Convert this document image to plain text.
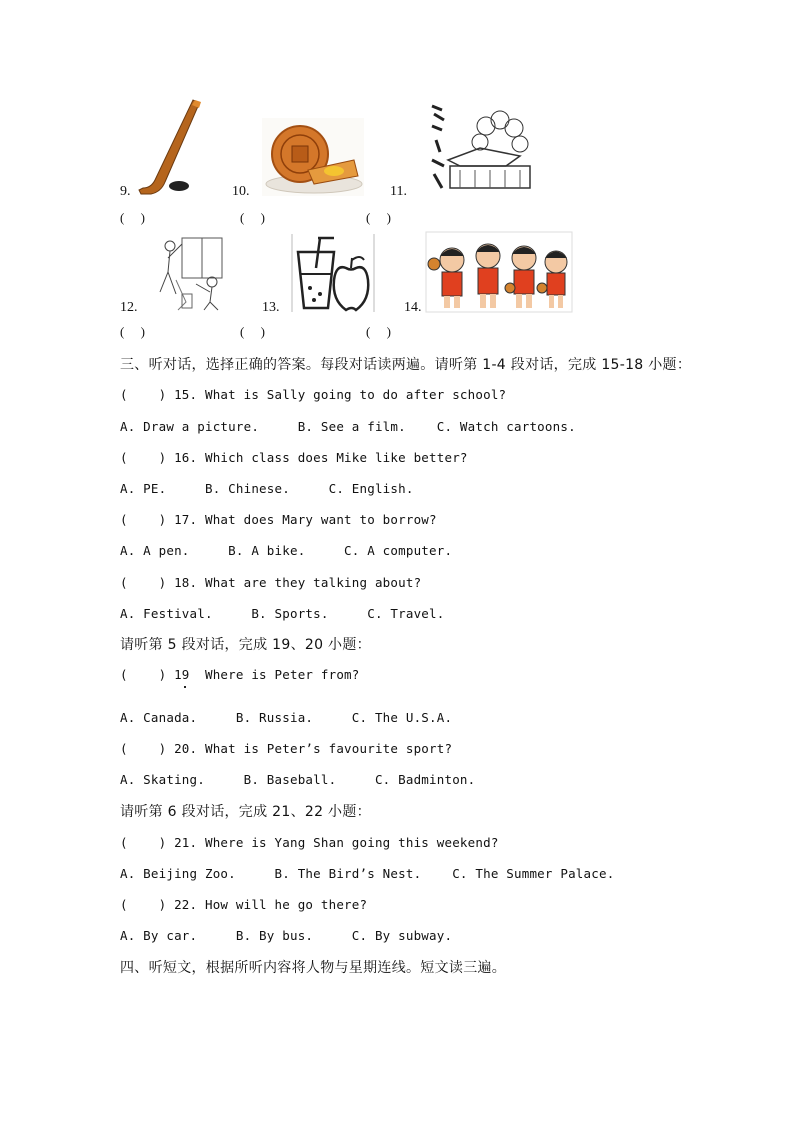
9.	10.	11.
(     )	(     )	(     )
12.	13.	14.
(     )	(     )	(     )
三、听对话，选择正确的答案。每段对话读两遍。请听第 1-4 段对话，完成 15-18 小题：
(    ) 15. What is Sally going to do after school?
A. Draw a picture.     B. See a film.    C. Watch cartoons.
(    ) 16. Which class does Mike like better?
A. PE.     B. Chinese.     C. English.
(    ) 17. What does Mary want to borrow?
A. A pen.     B. A bike.     C. A computer.
(    ) 18. What are they talking about?
A. Festival.     B. Sports.     C. Travel.
请听第 5 段对话，完成 19、20 小题：
(    ) 19  Where is Peter from?
A. Canada.     B. Russia.     C. The U.S.A.
(    ) 20. What is Peter’s favourite sport?
A. Skating.     B. Baseball.     C. Badminton.
请听第 6 段对话，完成 21、22 小题：
(    ) 21. Where is Yang Shan going this weekend?
A. Beijing Zoo.     B. The Bird’s Nest.    C. The Summer Palace.
(    ) 22. How will he go there?
A. By car.     B. By bus.     C. By subway.
四、听短文，根据所听内容将人物与星期连线。短文读三遍。
